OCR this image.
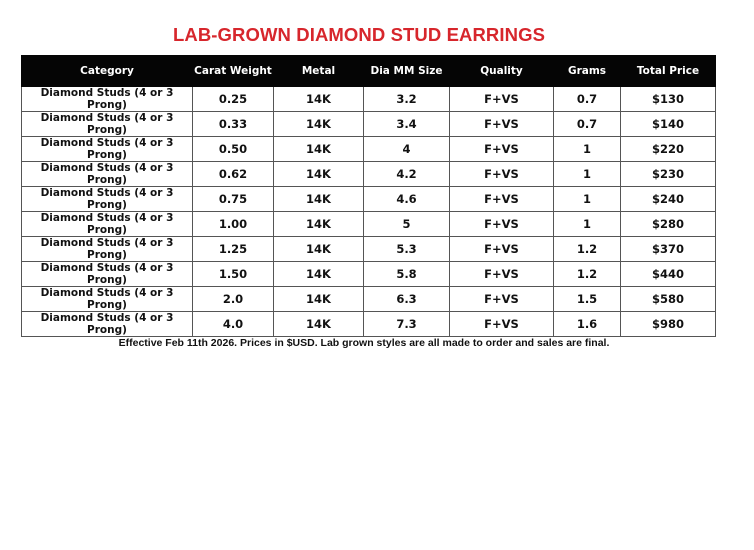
LAB-GROWN DIAMOND STUD EARRINGS
Category	Carat Weight	Metal	Dia MM Size	Quality	Grams	Total Price
Diamond Studs (4 or 3 Prong)	0.25	14K	3.2	F+VS	0.7	$130
Diamond Studs (4 or 3 Prong)	0.33	14K	3.4	F+VS	0.7	$140
Diamond Studs (4 or 3 Prong)	0.50	14K	4	F+VS	1	$220
Diamond Studs (4 or 3 Prong)	0.62	14K	4.2	F+VS	1	$230
Diamond Studs (4 or 3 Prong)	0.75	14K	4.6	F+VS	1	$240
Diamond Studs (4 or 3 Prong)	1.00	14K	5	F+VS	1	$280
Diamond Studs (4 or 3 Prong)	1.25	14K	5.3	F+VS	1.2	$370
Diamond Studs (4 or 3 Prong)	1.50	14K	5.8	F+VS	1.2	$440
Diamond Studs (4 or 3 Prong)	2.0	14K	6.3	F+VS	1.5	$580
Diamond Studs (4 or 3 Prong)	4.0	14K	7.3	F+VS	1.6	$980
Effective Feb 11th 2026. Prices in $USD. Lab grown styles are all made to order and sales are final.
